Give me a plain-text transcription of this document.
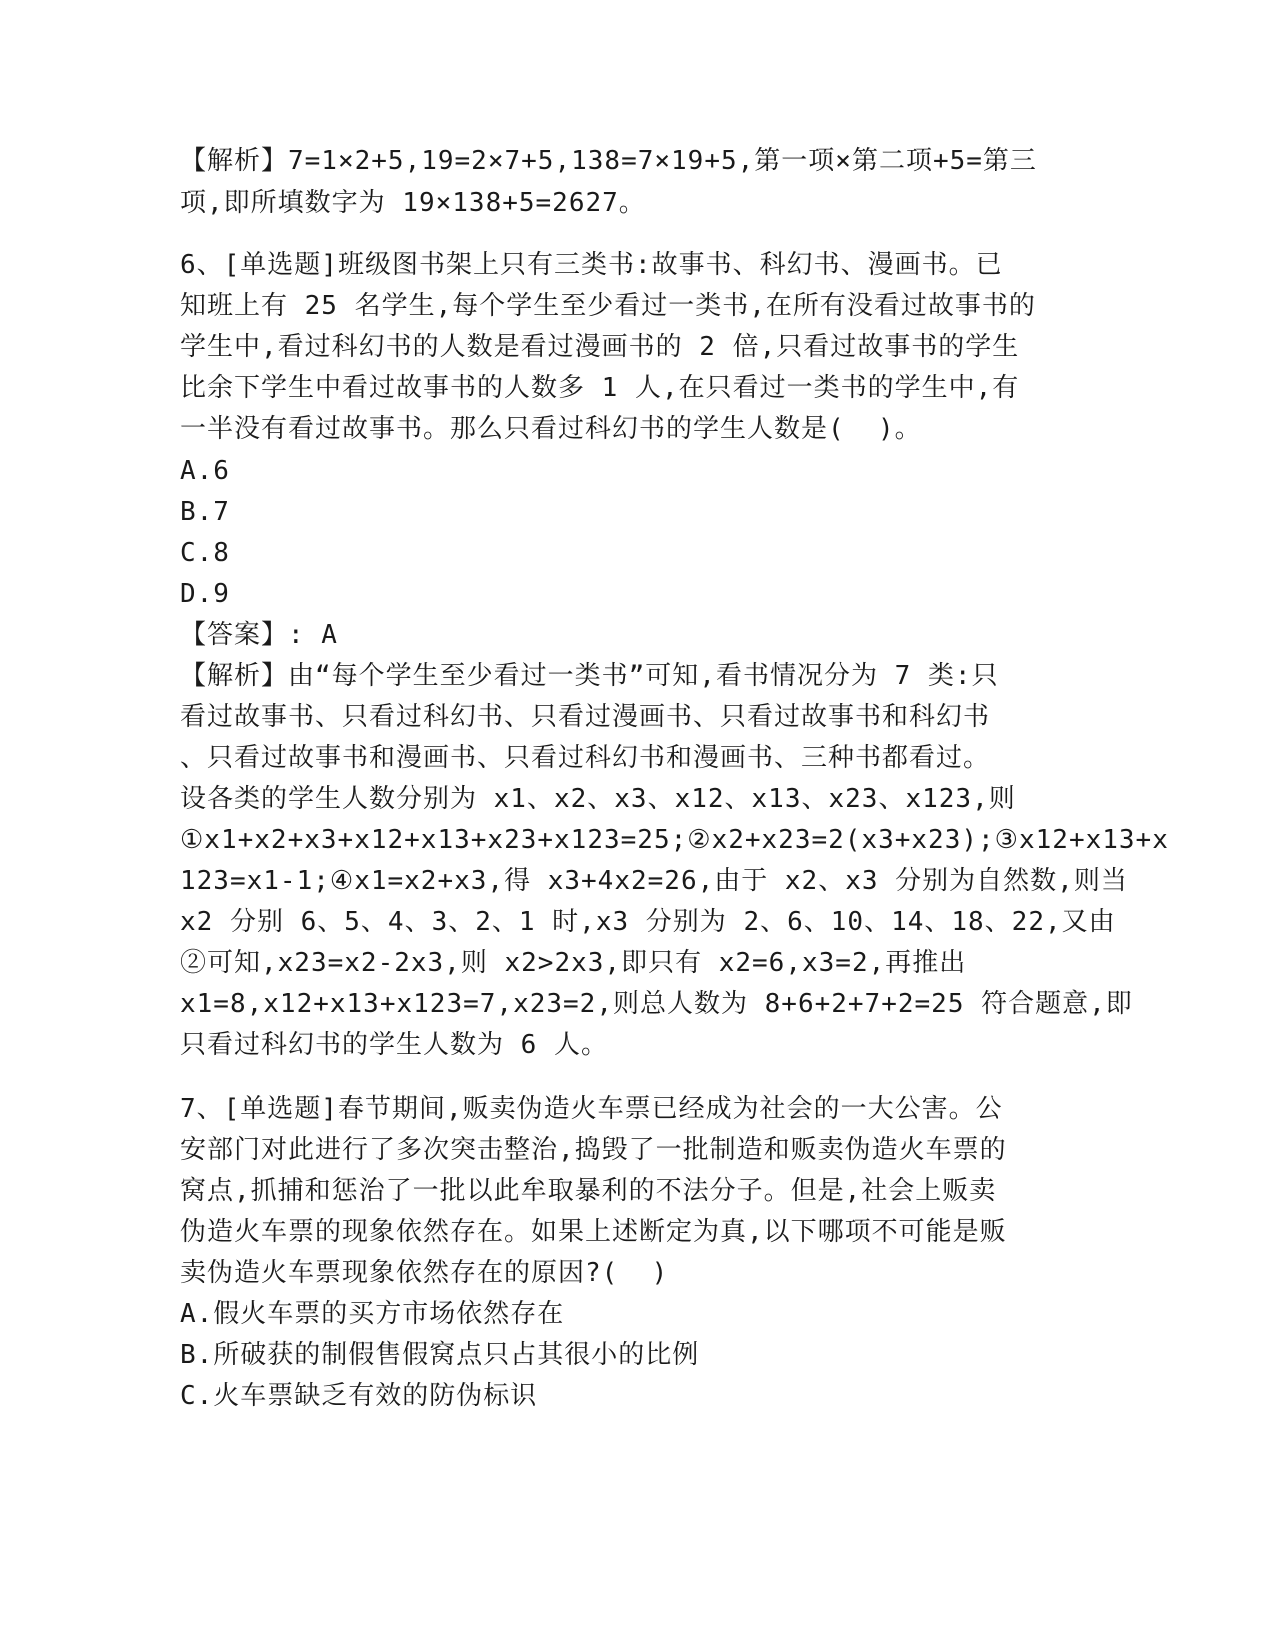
【解析】7=1×2+5,19=2×7+5,138=7×19+5,第一项×第二项+5=第三
项,即所填数字为 19×138+5=2627。
6、[单选题]班级图书架上只有三类书:故事书、科幻书、漫画书。已
知班上有 25 名学生,每个学生至少看过一类书,在所有没看过故事书的
学生中,看过科幻书的人数是看过漫画书的 2 倍,只看过故事书的学生
比余下学生中看过故事书的人数多 1 人,在只看过一类书的学生中,有
一半没有看过故事书。那么只看过科幻书的学生人数是(  )。
A.6
B.7
C.8
D.9
【答案】: A
【解析】由“每个学生至少看过一类书”可知,看书情况分为 7 类:只
看过故事书、只看过科幻书、只看过漫画书、只看过故事书和科幻书
、只看过故事书和漫画书、只看过科幻书和漫画书、三种书都看过。
设各类的学生人数分别为 x1、x2、x3、x12、x13、x23、x123,则
①x1+x2+x3+x12+x13+x23+x123=25;②x2+x23=2(x3+x23);③x12+x13+x
123=x1-1;④x1=x2+x3,得 x3+4x2=26,由于 x2、x3 分别为自然数,则当
x2 分别 6、5、4、3、2、1 时,x3 分别为 2、6、10、14、18、22,又由
②可知,x23=x2-2x3,则 x2>2x3,即只有 x2=6,x3=2,再推出
x1=8,x12+x13+x123=7,x23=2,则总人数为 8+6+2+7+2=25 符合题意,即
只看过科幻书的学生人数为 6 人。
7、[单选题]春节期间,贩卖伪造火车票已经成为社会的一大公害。公
安部门对此进行了多次突击整治,捣毁了一批制造和贩卖伪造火车票的
窝点,抓捕和惩治了一批以此牟取暴利的不法分子。但是,社会上贩卖
伪造火车票的现象依然存在。如果上述断定为真,以下哪项不可能是贩
卖伪造火车票现象依然存在的原因?(  )
A.假火车票的买方市场依然存在
B.所破获的制假售假窝点只占其很小的比例
C.火车票缺乏有效的防伪标识
